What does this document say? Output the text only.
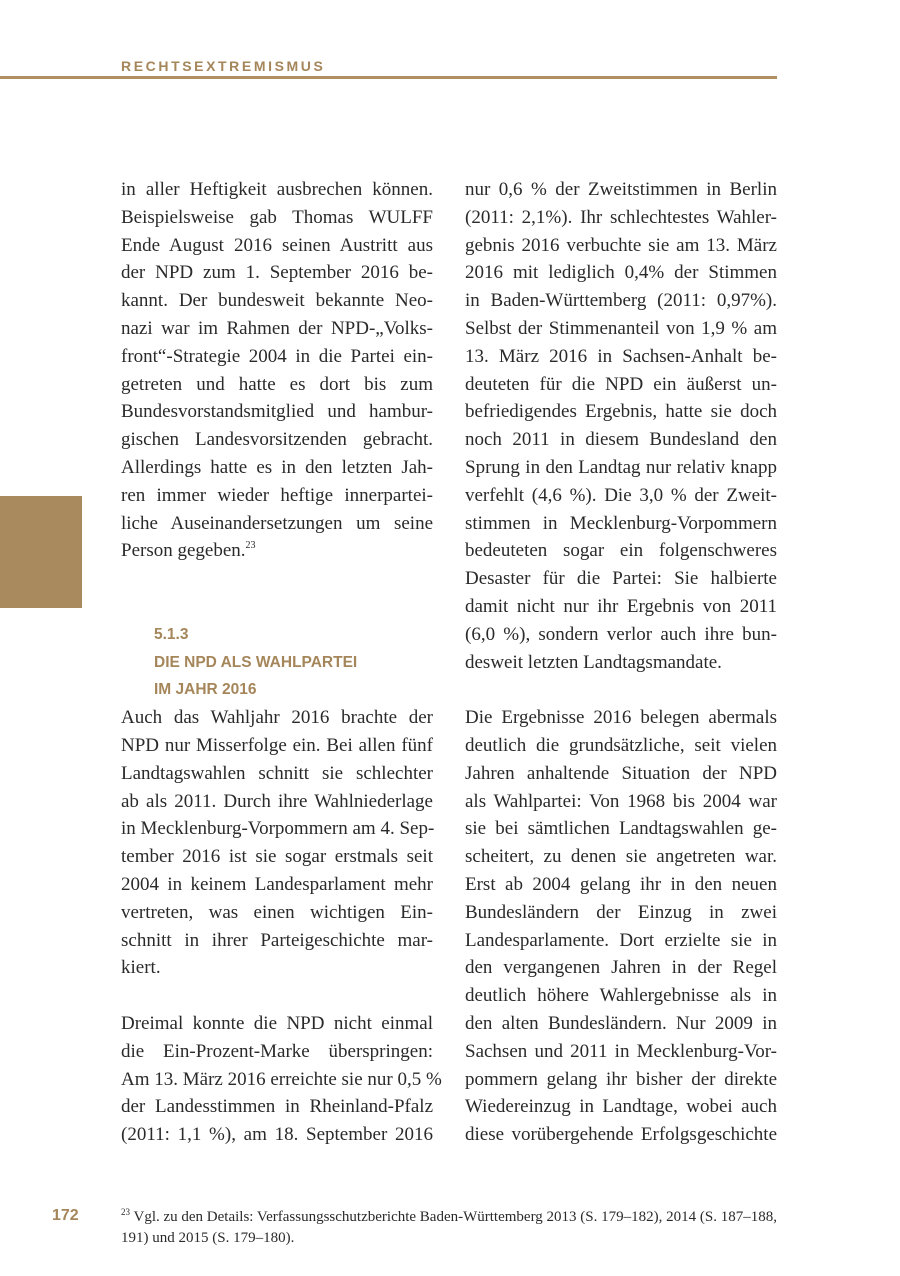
RECHTSEXTREMISMUS
in aller Heftigkeit ausbrechen können.
Beispielsweise gab Thomas WULFF
Ende August 2016 seinen Austritt aus
der NPD zum 1. September 2016 be-
kannt. Der bundesweit bekannte Neo-
nazi war im Rahmen der NPD-„Volks-
front“-Strategie 2004 in die Partei ein-
getreten und hatte es dort bis zum
Bundesvorstandsmitglied und hambur-
gischen Landesvorsitzenden gebracht.
Allerdings hatte es in den letzten Jah-
ren immer wieder heftige innerpartei-
liche Auseinandersetzungen um seine
Person gegeben.$^{23}$
5.1.3
DIE NPD ALS WAHLPARTEI
IM JAHR 2016
Auch das Wahljahr 2016 brachte der
NPD nur Misserfolge ein. Bei allen fünf
Landtagswahlen schnitt sie schlechter
ab als 2011. Durch ihre Wahlniederlage
in Mecklenburg-Vorpommern am 4. Sep-
tember 2016 ist sie sogar erstmals seit
2004 in keinem Landesparlament mehr
vertreten, was einen wichtigen Ein-
schnitt in ihrer Parteigeschichte mar-
kiert.
Dreimal konnte die NPD nicht einmal
die Ein-Prozent-Marke überspringen:
Am 13. März 2016 erreichte sie nur 0,5 %
der Landesstimmen in Rheinland-Pfalz
(2011: 1,1 %), am 18. September 2016
nur 0,6 % der Zweitstimmen in Berlin
(2011: 2,1%). Ihr schlechtestes Wahler-
gebnis 2016 verbuchte sie am 13. März
2016 mit lediglich 0,4% der Stimmen
in Baden-Württemberg (2011: 0,97%).
Selbst der Stimmenanteil von 1,9 % am
13. März 2016 in Sachsen-Anhalt be-
deuteten für die NPD ein äußerst un-
befriedigendes Ergebnis, hatte sie doch
noch 2011 in diesem Bundesland den
Sprung in den Landtag nur relativ knapp
verfehlt (4,6 %). Die 3,0 % der Zweit-
stimmen in Mecklenburg-Vorpommern
bedeuteten sogar ein folgenschweres
Desaster für die Partei: Sie halbierte
damit nicht nur ihr Ergebnis von 2011
(6,0 %), sondern verlor auch ihre bun-
desweit letzten Landtagsmandate.
Die Ergebnisse 2016 belegen abermals
deutlich die grundsätzliche, seit vielen
Jahren anhaltende Situation der NPD
als Wahlpartei: Von 1968 bis 2004 war
sie bei sämtlichen Landtagswahlen ge-
scheitert, zu denen sie angetreten war.
Erst ab 2004 gelang ihr in den neuen
Bundesländern der Einzug in zwei
Landesparlamente. Dort erzielte sie in
den vergangenen Jahren in der Regel
deutlich höhere Wahlergebnisse als in
den alten Bundesländern. Nur 2009 in
Sachsen und 2011 in Mecklenburg-Vor-
pommern gelang ihr bisher der direkte
Wiedereinzug in Landtage, wobei auch
diese vorübergehende Erfolgsgeschichte
172	$^{23}$ Vgl. zu den Details: Verfassungsschutzberichte Baden-Württemberg 2013 (S. 179–182), 2014 (S. 187–188, 191) und 2015 (S. 179–180).
